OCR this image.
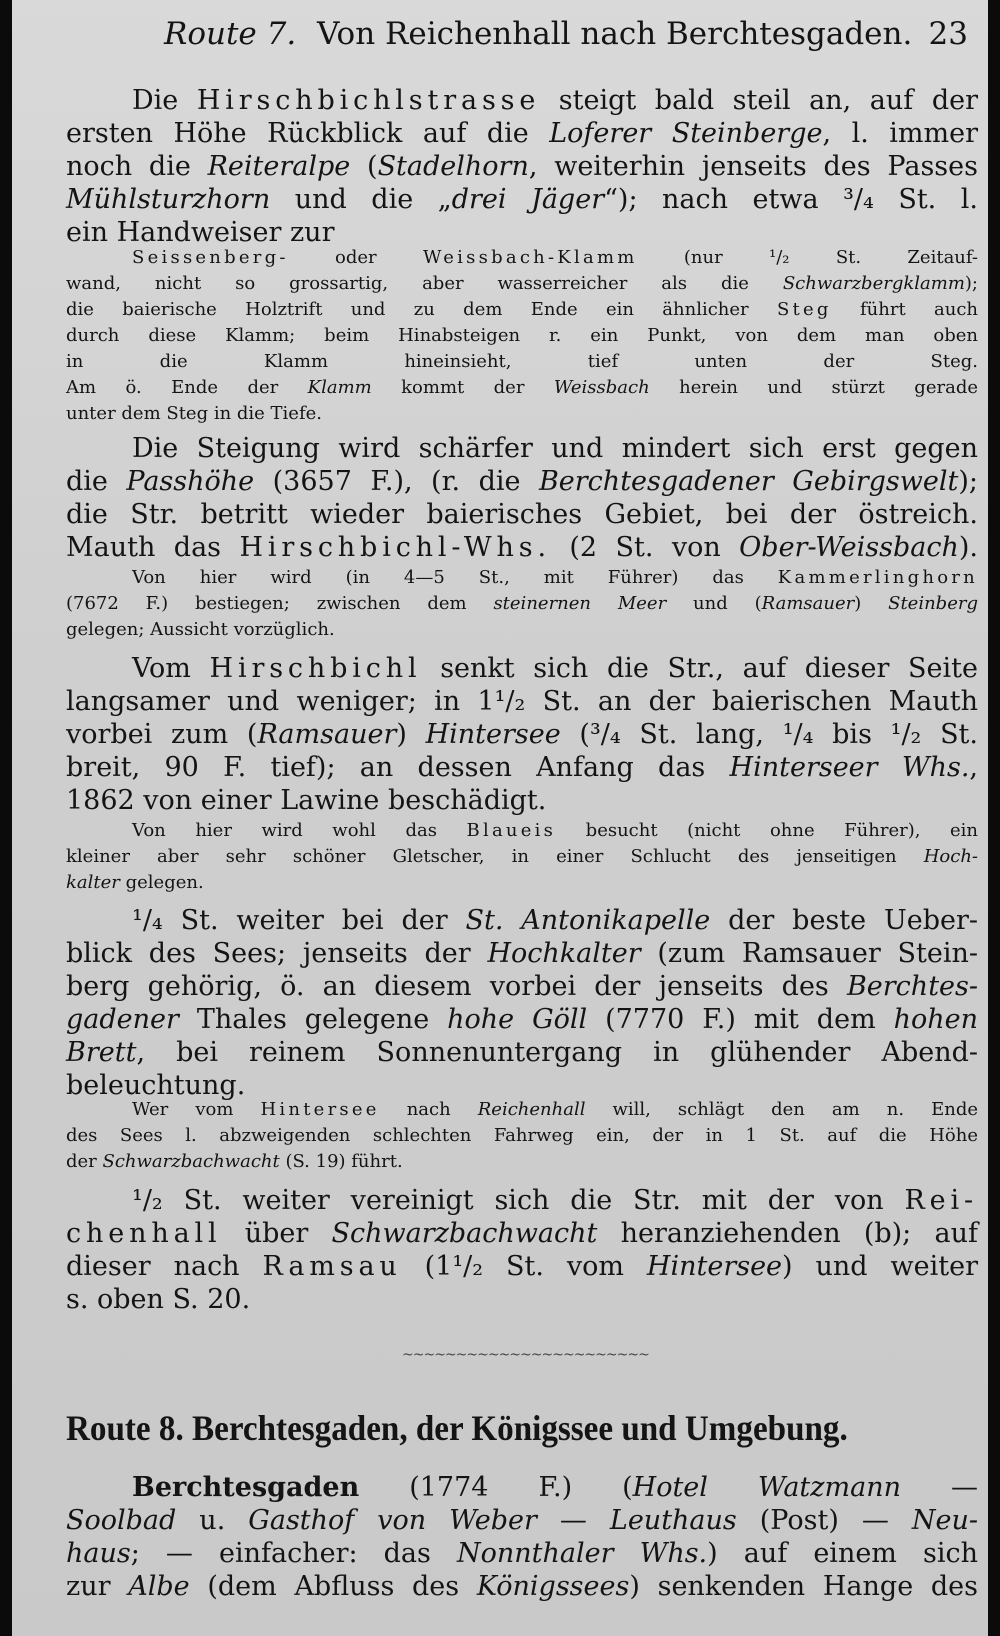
Route 7. Von Reichenhall nach Berchtesgaden. 23
Die Hirschbichlstrasse steigt bald steil an, auf der
ersten Höhe Rückblick auf die Loferer Steinberge, l. immer
noch die Reiteralpe (Stadelhorn, weiterhin jenseits des Passes
Mühlsturzhorn und die „drei Jäger“); nach etwa ³/₄ St. l.
ein Handweiser zur
Seissenberg- oder Weissbach-Klamm (nur ¹/₂ St. Zeitauf-
wand, nicht so grossartig, aber wasserreicher als die Schwarzbergklamm);
die baierische Holztrift und zu dem Ende ein ähnlicher Steg führt auch
durch diese Klamm; beim Hinabsteigen r. ein Punkt, von dem man oben
in die Klamm hineinsieht, tief unten der Steg.
Am ö. Ende der Klamm kommt der Weissbach herein und stürzt gerade
unter dem Steg in die Tiefe.
Die Steigung wird schärfer und mindert sich erst gegen
die Passhöhe (3657 F.), (r. die Berchtesgadener Gebirgswelt);
die Str. betritt wieder baierisches Gebiet, bei der östreich.
Mauth das Hirschbichl-Whs. (2 St. von Ober-Weissbach).
Von hier wird (in 4—5 St., mit Führer) das Kammerlinghorn
(7672 F.) bestiegen; zwischen dem steinernen Meer und (Ramsauer) Steinberg
gelegen; Aussicht vorzüglich.
Vom Hirschbichl senkt sich die Str., auf dieser Seite
langsamer und weniger; in 1¹/₂ St. an der baierischen Mauth
vorbei zum (Ramsauer) Hintersee (³/₄ St. lang, ¹/₄ bis ¹/₂ St.
breit, 90 F. tief); an dessen Anfang das Hinterseer Whs.,
1862 von einer Lawine beschädigt.
Von hier wird wohl das Blaueis besucht (nicht ohne Führer), ein
kleiner aber sehr schöner Gletscher, in einer Schlucht des jenseitigen Hoch-
kalter gelegen.
¹/₄ St. weiter bei der St. Antonikapelle der beste Ueber-
blick des Sees; jenseits der Hochkalter (zum Ramsauer Stein-
berg gehörig, ö. an diesem vorbei der jenseits des Berchtes-
gadener Thales gelegene hohe Göll (7770 F.) mit dem hohen
Brett, bei reinem Sonnenuntergang in glühender Abend-
beleuchtung.
Wer vom Hintersee nach Reichenhall will, schlägt den am n. Ende
des Sees l. abzweigenden schlechten Fahrweg ein, der in 1 St. auf die Höhe
der Schwarzbachwacht (S. 19) führt.
¹/₂ St. weiter vereinigt sich die Str. mit der von Rei-
chenhall über Schwarzbachwacht heranziehenden (b); auf
dieser nach Ramsau (1¹/₂ St. vom Hintersee) und weiter
s. oben S. 20.
Berchtesgaden (1774 F.) (Hotel Watzmann —
Soolbad u. Gasthof von Weber — Leuthaus (Post) — Neu-
haus; — einfacher: das Nonnthaler Whs.) auf einem sich
zur Albe (dem Abfluss des Königssees) senkenden Hange des
~~~~~~~~~~~~~~~~~~~~~~~
Route 8. Berchtesgaden, der Königssee und Umgebung.
